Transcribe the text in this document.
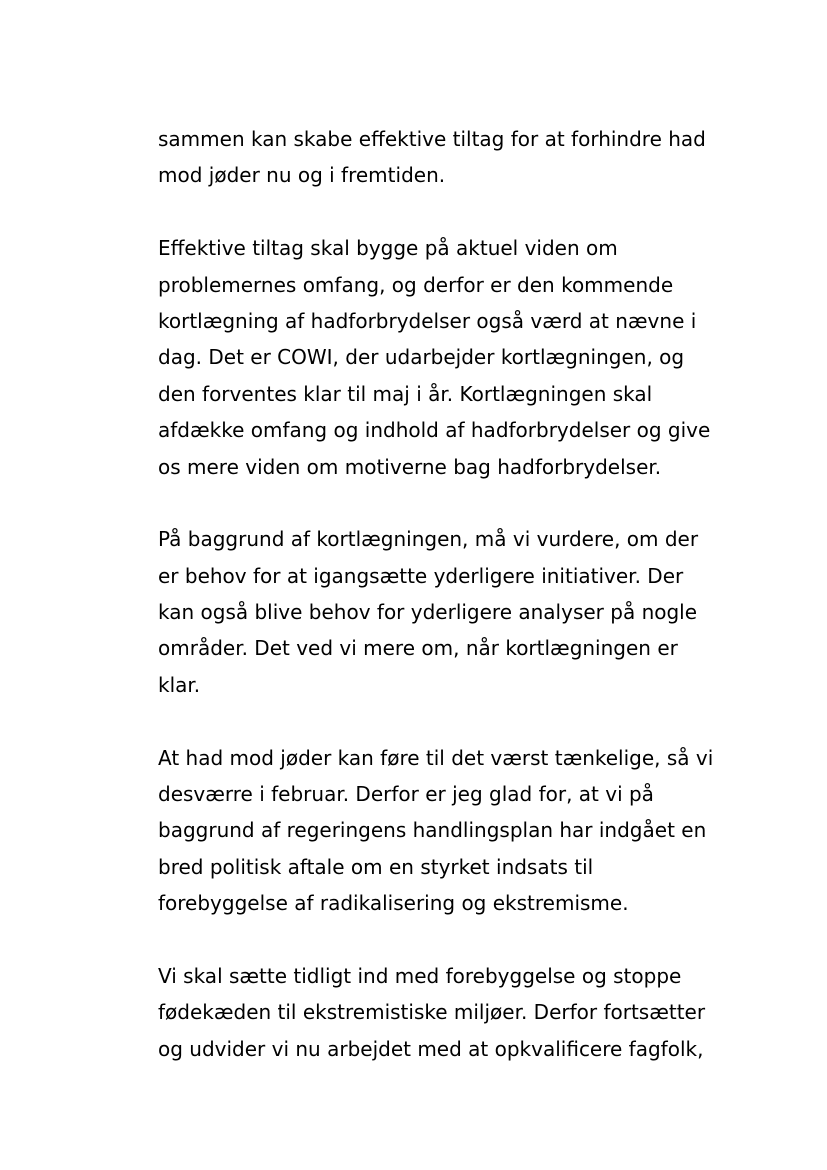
sammen kan skabe effektive tiltag for at forhindre had
mod jøder nu og i fremtiden.
Effektive tiltag skal bygge på aktuel viden om
problemernes omfang, og derfor er den kommende
kortlægning af hadforbrydelser også værd at nævne i
dag. Det er COWI, der udarbejder kortlægningen, og
den forventes klar til maj i år. Kortlægningen skal
afdække omfang og indhold af hadforbrydelser og give
os mere viden om motiverne bag hadforbrydelser.
På baggrund af kortlægningen, må vi vurdere, om der
er behov for at igangsætte yderligere initiativer. Der
kan også blive behov for yderligere analyser på nogle
områder. Det ved vi mere om, når kortlægningen er
klar.
At had mod jøder kan føre til det værst tænkelige, så vi
desværre i februar. Derfor er jeg glad for, at vi på
baggrund af regeringens handlingsplan har indgået en
bred politisk aftale om en styrket indsats til
forebyggelse af radikalisering og ekstremisme.
Vi skal sætte tidligt ind med forebyggelse og stoppe
fødekæden til ekstremistiske miljøer. Derfor fortsætter
og udvider vi nu arbejdet med at opkvalificere fagfolk,
